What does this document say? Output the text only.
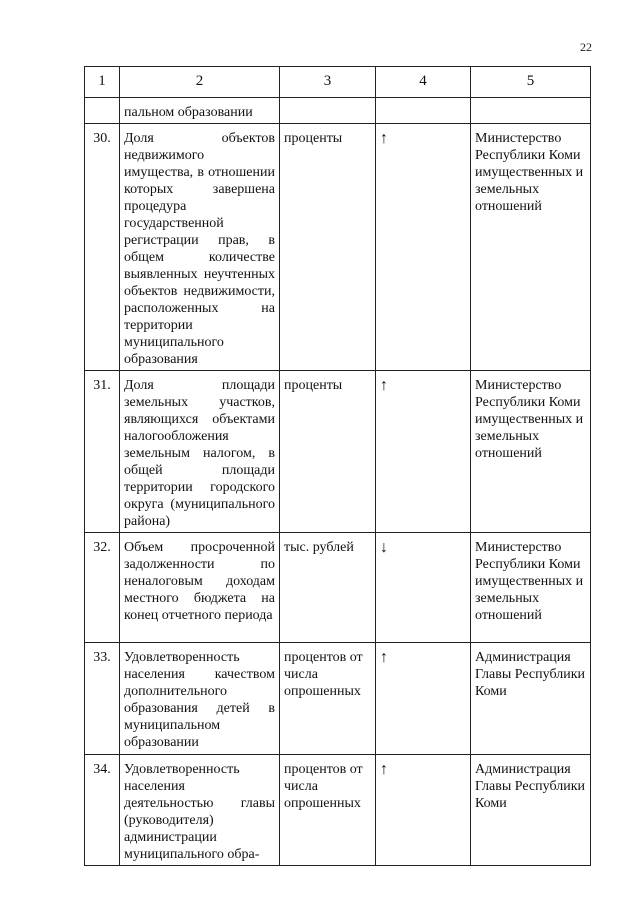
22
1	2	3	4	5
	пальном образовании			
30.	Доля объектов недвижимого имущества, в отношении которых завершена процедура государственной регистрации прав, в общем количестве выявленных неучтенных объектов недвижимости, расположенных на территории муниципального образования	проценты	↑	Министерство Республики Коми имущественных и земельных отношений
31.	Доля площади земельных участков, являющихся объектами налогообложения земельным налогом, в общей площади территории городского округа (муниципального района)	проценты	↑	Министерство Республики Коми имущественных и земельных отношений
32.	Объем просроченной задолженности по неналоговым доходам местного бюджета на конец отчетного периода	тыс. рублей	↓	Министерство Республики Коми имущественных и земельных отношений
33.	Удовлетворенность населения качеством дополнительного образования детей в муниципальном образовании	процентов от числа опрошенных	↑	Администрация Главы Республики Коми
34.	Удовлетворенность населения деятельностью главы (руководителя) администрации муниципального обра-	процентов от числа опрошенных	↑	Администрация Главы Республики Коми
